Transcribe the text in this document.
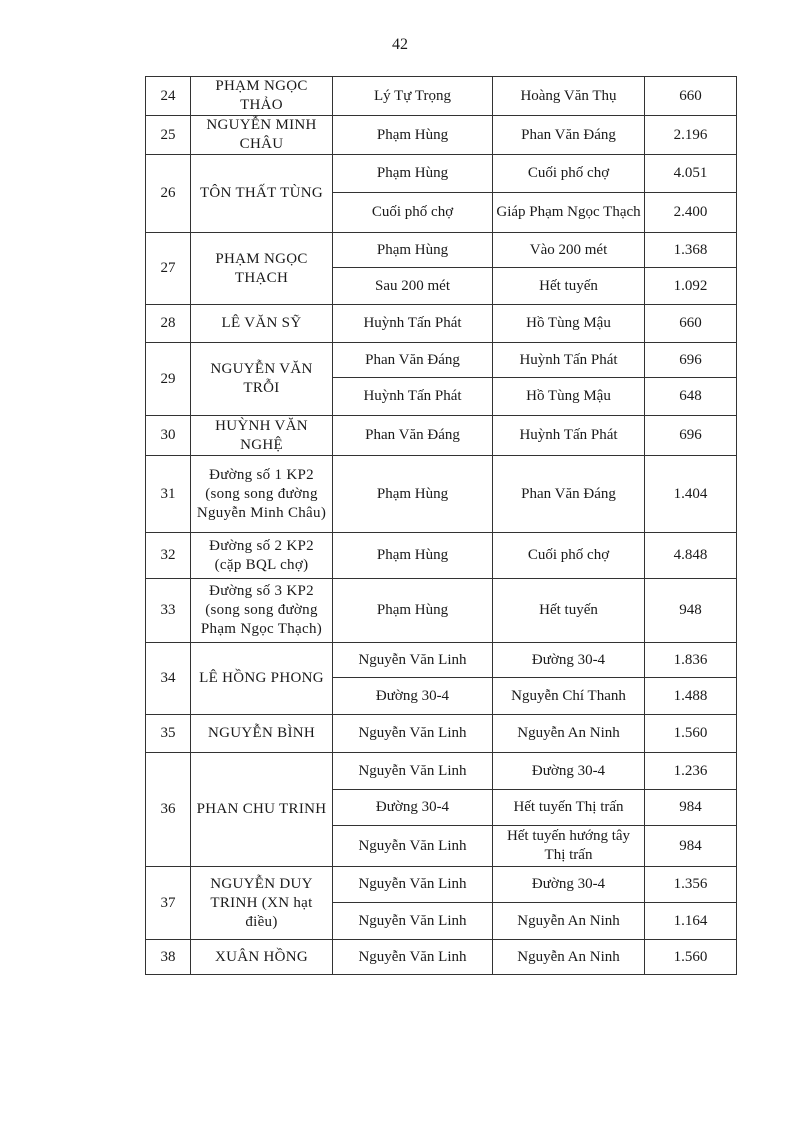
42
24	PHẠM NGỌC THẢO	Lý Tự Trọng	Hoàng Văn Thụ	660
25	NGUYỄN MINH CHÂU	Phạm Hùng	Phan Văn Đáng	2.196
26	TÔN THẤT TÙNG	Phạm Hùng	Cuối phố chợ	4.051
		Cuối phố chợ	Giáp Phạm Ngọc Thạch	2.400
27	PHẠM NGỌC THẠCH	Phạm Hùng	Vào 200 mét	1.368
		Sau 200 mét	Hết tuyến	1.092
28	LÊ VĂN SỸ	Huỳnh Tấn Phát	Hồ Tùng Mậu	660
29	NGUYỄN VĂN TRỖI	Phan Văn Đáng	Huỳnh Tấn Phát	696
		Huỳnh Tấn Phát	Hồ Tùng Mậu	648
30	HUỲNH VĂN NGHỆ	Phan Văn Đáng	Huỳnh Tấn Phát	696
31	Đường số 1 KP2 (song song đường Nguyễn Minh Châu)	Phạm Hùng	Phan Văn Đáng	1.404
32	Đường số 2 KP2 (cặp BQL chợ)	Phạm Hùng	Cuối phố chợ	4.848
33	Đường số 3 KP2 (song song đường Phạm Ngọc Thạch)	Phạm Hùng	Hết tuyến	948
34	LÊ HỒNG PHONG	Nguyễn Văn Linh	Đường 30-4	1.836
		Đường 30-4	Nguyễn Chí Thanh	1.488
35	NGUYỄN BÌNH	Nguyễn Văn Linh	Nguyễn An Ninh	1.560
36	PHAN CHU TRINH	Nguyễn Văn Linh	Đường 30-4	1.236
		Đường 30-4	Hết tuyến Thị trấn	984
		Nguyễn Văn Linh	Hết tuyến hướng tây Thị trấn	984
37	NGUYỄN DUY TRINH (XN hạt điều)	Nguyễn Văn Linh	Đường 30-4	1.356
		Nguyễn Văn Linh	Nguyễn An Ninh	1.164
38	XUÂN HỒNG	Nguyễn Văn Linh	Nguyễn An Ninh	1.560
